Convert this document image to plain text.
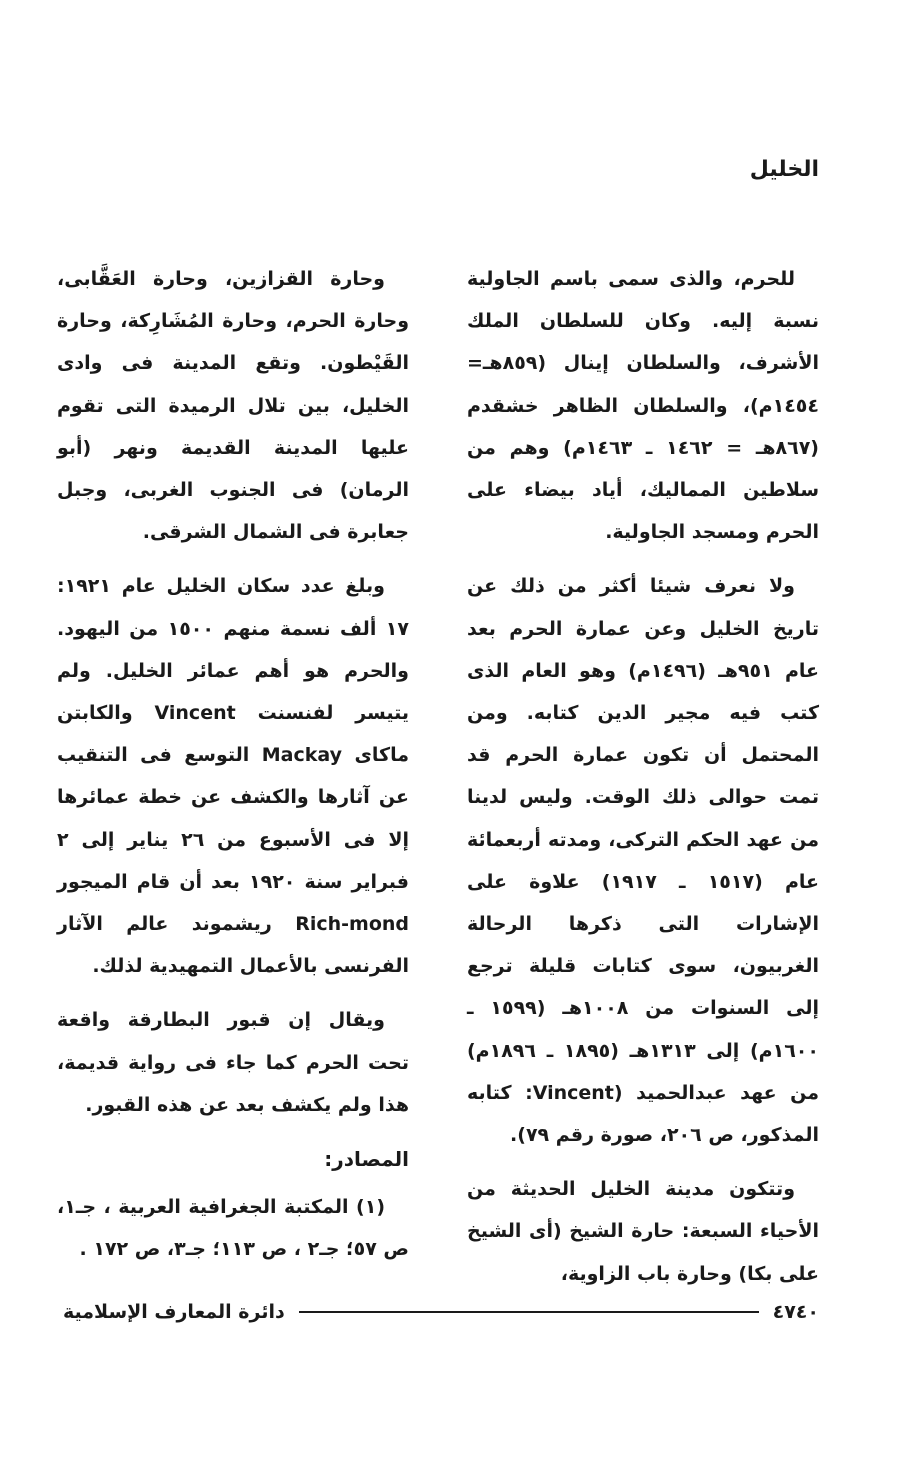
الخليل

للحرم، والذى سمى باسم الجاولية نسبة إليه. وكان للسلطان الملك الأشرف، والسلطان إينال (٨٥٩هـ= ١٤٥٤م)، والسلطان الظاهر خشقدم (٨٦٧هـ = ١٤٦٢ ـ ١٤٦٣م) وهم من سلاطين المماليك، أياد بيضاء على الحرم ومسجد الجاولية.

ولا نعرف شيئا أكثر من ذلك عن تاريخ الخليل وعن عمارة الحرم بعد عام ٩٥١هـ (١٤٩٦م) وهو العام الذى كتب فيه مجير الدين كتابه. ومن المحتمل أن تكون عمارة الحرم قد تمت حوالى ذلك الوقت. وليس لدينا من عهد الحكم التركى، ومدته أربعمائة عام (١٥١٧ ـ ١٩١٧) علاوة على الإشارات التى ذكرها الرحالة الغربيون، سوى كتابات قليلة ترجع إلى السنوات من ١٠٠٨هـ (١٥٩٩ ـ ١٦٠٠م) إلى ١٣١٣هـ (١٨٩٥ ـ ١٨٩٦م) من عهد عبدالحميد (Vincent: كتابه المذكور، ص ٢٠٦، صورة رقم ٧٩).

وتتكون مدينة الخليل الحديثة من الأحياء السبعة: حارة الشيخ (أى الشيخ على بكا) وحارة باب الزاوية،

وحارة القزازين، وحارة العَقَّابى، وحارة الحرم، وحارة المُشَارِكة، وحارة القَيْطون. وتقع المدينة فى وادى الخليل، بين تلال الرميدة التى تقوم عليها المدينة القديمة ونهر (أبو الرمان) فى الجنوب الغربى، وجبل جعابرة فى الشمال الشرقى.

وبلغ عدد سكان الخليل عام ١٩٢١: ١٧ ألف نسمة منهم ١٥٠٠ من اليهود. والحرم هو أهم عمائر الخليل. ولم يتيسر لفنسنت Vincent والكابتن ماكاى Mackay التوسع فى التنقيب عن آثارها والكشف عن خطة عمائرها إلا فى الأسبوع من ٢٦ يناير إلى ٢ فبراير سنة ١٩٢٠ بعد أن قام الميجور Rich-mond ريشموند عالم الآثار الفرنسى بالأعمال التمهيدية لذلك.

ويقال إن قبور البطارقة واقعة تحت الحرم كما جاء فى رواية قديمة، هذا ولم يكشف بعد عن هذه القبور.

المصادر:

(١) المكتبة الجغرافية العربية ، جـ١، ص ٥٧؛ جـ٢ ، ص ١١٣؛ جـ٣، ص ١٧٢ .

٤٧٤٠
دائرة المعارف الإسلامية
